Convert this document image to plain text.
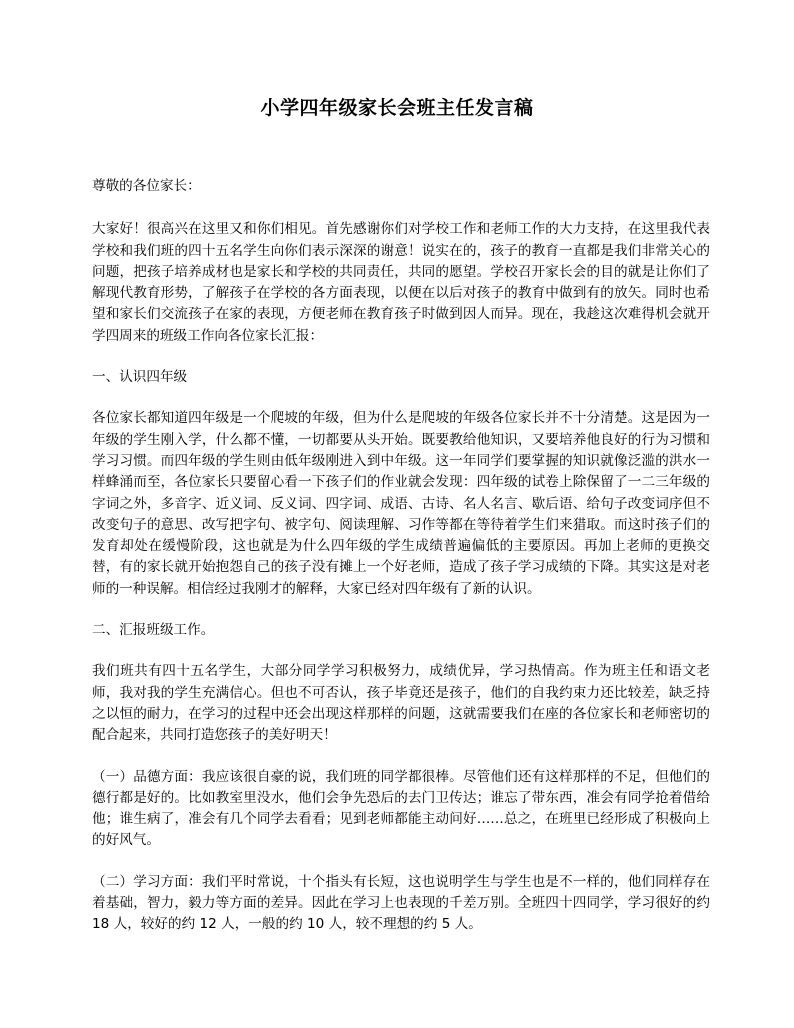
小学四年级家长会班主任发言稿

尊敬的各位家长：

大家好！很高兴在这里又和你们相见。首先感谢你们对学校工作和老师工作的大力支持，在这里我代表学校和我们班的四十五名学生向你们表示深深的谢意！说实在的，孩子的教育一直都是我们非常关心的问题，把孩子培养成材也是家长和学校的共同责任，共同的愿望。学校召开家长会的目的就是让你们了解现代教育形势，了解孩子在学校的各方面表现，以便在以后对孩子的教育中做到有的放矢。同时也希望和家长们交流孩子在家的表现，方便老师在教育孩子时做到因人而异。现在，我趁这次难得机会就开学四周来的班级工作向各位家长汇报：

一、认识四年级

各位家长都知道四年级是一个爬坡的年级，但为什么是爬坡的年级各位家长并不十分清楚。这是因为一年级的学生刚入学，什么都不懂，一切都要从头开始。既要教给他知识，又要培养他良好的行为习惯和学习习惯。而四年级的学生则由低年级刚进入到中年级。这一年同学们要掌握的知识就像泛滥的洪水一样蜂涌而至，各位家长只要留心看一下孩子们的作业就会发现：四年级的试卷上除保留了一二三年级的字词之外，多音字、近义词、反义词、四字词、成语、古诗、名人名言、歇后语、给句子改变词序但不改变句子的意思、改写把字句、被字句、阅读理解、习作等都在等待着学生们来猎取。而这时孩子们的发育却处在缓慢阶段，这也就是为什么四年级的学生成绩普遍偏低的主要原因。再加上老师的更换交替，有的家长就开始抱怨自己的孩子没有摊上一个好老师，造成了孩子学习成绩的下降。其实这是对老师的一种误解。相信经过我刚才的解释，大家已经对四年级有了新的认识。

二、汇报班级工作。

我们班共有四十五名学生，大部分同学学习积极努力，成绩优异，学习热情高。作为班主任和语文老师，我对我的学生充满信心。但也不可否认，孩子毕竟还是孩子，他们的自我约束力还比较差，缺乏持之以恒的耐力，在学习的过程中还会出现这样那样的问题，这就需要我们在座的各位家长和老师密切的配合起来，共同打造您孩子的美好明天！

（一）品德方面：我应该很自豪的说，我们班的同学都很棒。尽管他们还有这样那样的不足，但他们的德行都是好的。比如教室里没水，他们会争先恐后的去门卫传达；谁忘了带东西，准会有同学抢着借给他；谁生病了，准会有几个同学去看看；见到老师都能主动问好……总之，在班里已经形成了积极向上的好风气。

（二）学习方面：我们平时常说，十个指头有长短，这也说明学生与学生也是不一样的，他们同样存在着基础，智力，毅力等方面的差异。因此在学习上也表现的千差万别。全班四十四同学，学习很好的约 18 人，较好的约 12 人，一般的约 10 人，较不理想的约 5 人。
